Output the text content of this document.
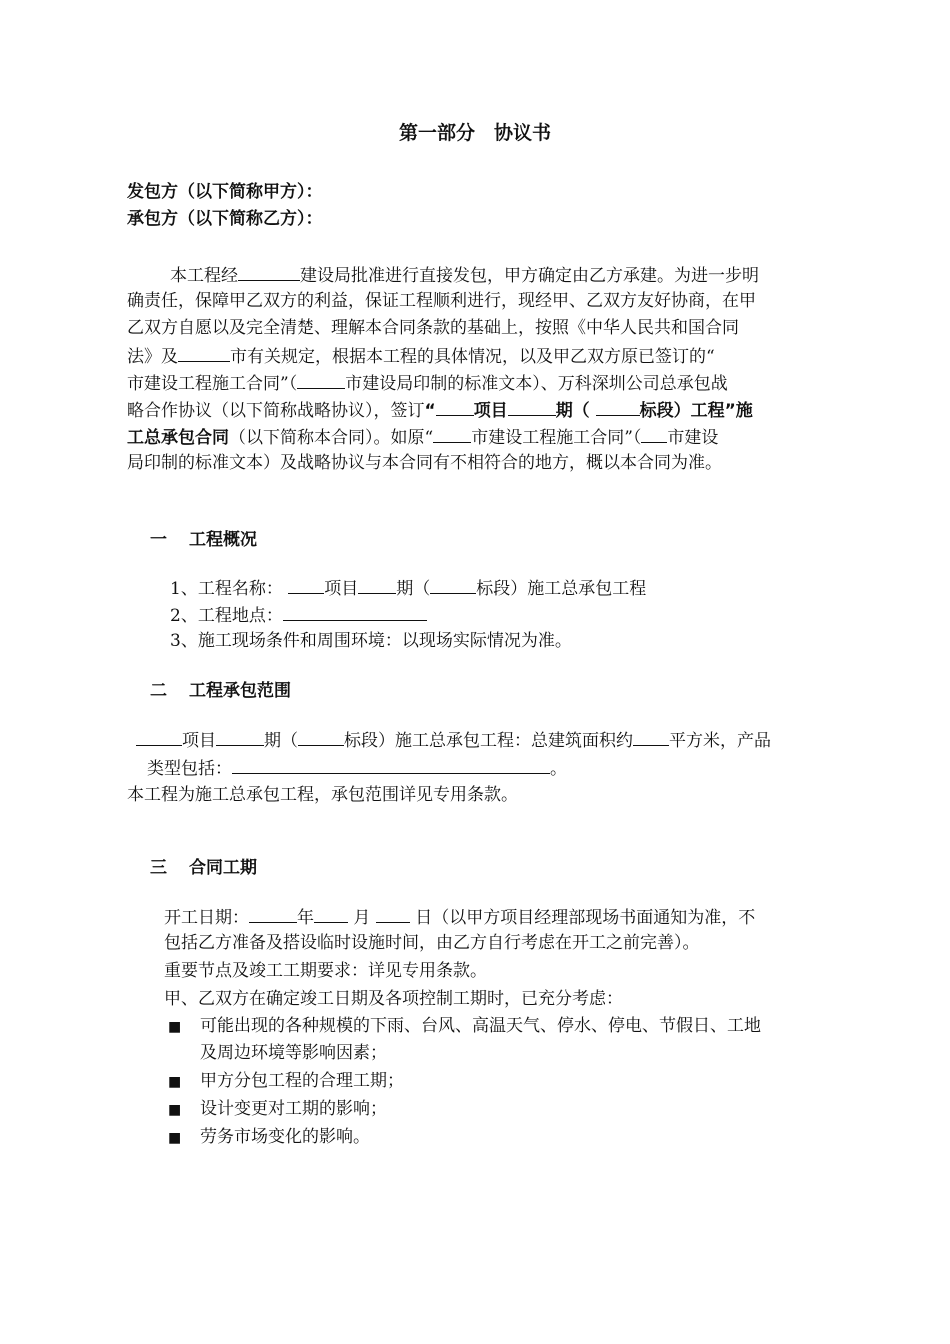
第一部分　协议书
发包方（以下简称甲方）：
承包方（以下简称乙方）：
本工程经	建设局批准进行直接发包，甲方确定由乙方承建。为进一步明
确责任，保障甲乙双方的利益，保证工程顺利进行，现经甲、乙双方友好协商，在甲
乙双方自愿以及完全清楚、理解本合同条款的基础上，按照《中华人民共和国合同
法》及	市有关规定，根据本工程的具体情况，以及甲乙双方原已签订的“
市建设工程施工合同”（	市建设局印制的标准文本）、万科深圳公司总承包战
略合作协议（以下简称战略协议），签订“ 项目	期（	标段）工程”施
工总承包合同（以下简称本合同）。如原“ 市建设工程施工合同”（ 市建设
局印制的标准文本）及战略协议与本合同有不相符合的地方，概以本合同为准。
一 工程概况
1、工程名称： 项目 期（	标段）施工总承包工程
2、工程地点：
3、施工现场条件和周围环境：以现场实际情况为准。
二 工程承包范围
项目	期（	标段）施工总承包工程：总建筑面积约 平方米，产品
类型包括：	。
本工程为施工总承包工程，承包范围详见专用条款。
三 合同工期
开工日期：	年 月  日（以甲方项目经理部现场书面通知为准，不
包括乙方准备及搭设临时设施时间，由乙方自行考虑在开工之前完善）。
重要节点及竣工工期要求：详见专用条款。
甲、乙双方在确定竣工日期及各项控制工期时，已充分考虑：
■ 可能出现的各种规模的下雨、台风、高温天气、停水、停电、节假日、工地
及周边环境等影响因素；
■ 甲方分包工程的合理工期；
■ 设计变更对工期的影响；
■ 劳务市场变化的影响。
